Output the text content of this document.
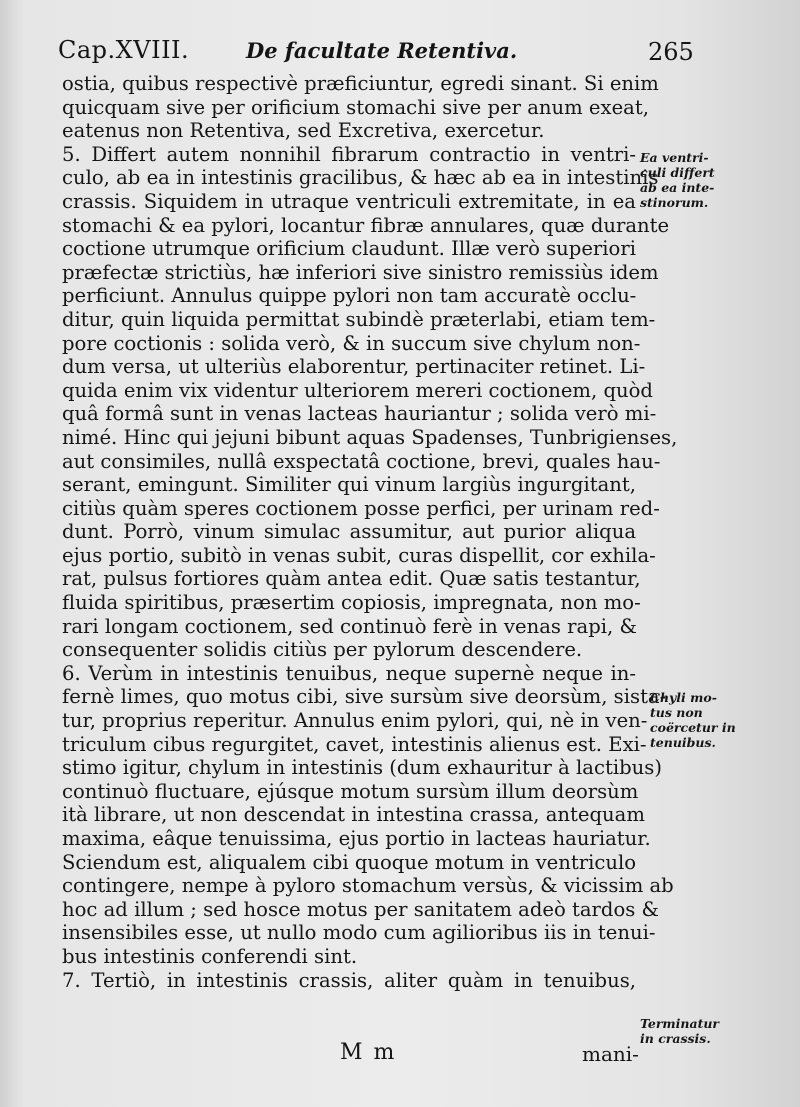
Cap.XVIII.	De facultate Retentiva.	265
ostia, quibus respectivè præficiuntur, egredi sinant. Si enim
quicquam sive per orificium stomachi sive per anum exeat,
eatenus non Retentiva, sed Excretiva, exercetur.
5. Differt autem nonnihil fibrarum contractio in ventri-
culo, ab ea in intestinis gracilibus, & hæc ab ea in intestinis
crassis. Siquidem in utraque ventriculi extremitate, in ea
stomachi & ea pylori, locantur fibræ annulares, quæ durante
coctione utrumque orificium claudunt. Illæ verò superiori
præfectæ strictiùs, hæ inferiori sive sinistro remissiùs idem
perficiunt. Annulus quippe pylori non tam accuratè occlu-
ditur, quin liquida permittat subindè præterlabi, etiam tem-
pore coctionis : solida verò, & in succum sive chylum non-
dum versa, ut ulteriùs elaborentur, pertinaciter retinet. Li-
quida enim vix videntur ulteriorem mereri coctionem, quòd
quâ formâ sunt in venas lacteas hauriantur ; solida verò mi-
nimé. Hinc qui jejuni bibunt aquas Spadenses, Tunbrigienses,
aut consimiles, nullâ exspectatâ coctione, brevi, quales hau-
serant, emingunt. Similiter qui vinum largiùs ingurgitant,
citiùs quàm speres coctionem posse perfici, per urinam red-
dunt. Porrò, vinum simulac assumitur, aut purior aliqua
ejus portio, subitò in venas subit, curas dispellit, cor exhila-
rat, pulsus fortiores quàm antea edit. Quæ satis testantur,
fluida spiritibus, præsertim copiosis, impregnata, non mo-
rari longam coctionem, sed continuò ferè in venas rapi, &
consequenter solidis citiùs per pylorum descendere.
6. Verùm in intestinis tenuibus, neque supernè neque in-
fernè limes, quo motus cibi, sive sursùm sive deorsùm, sista-
tur, proprius reperitur. Annulus enim pylori, qui, nè in ven-
triculum cibus regurgitet, cavet, intestinis alienus est. Exi-
stimo igitur, chylum in intestinis (dum exhauritur à lactibus)
continuò fluctuare, ejúsque motum sursùm illum deorsùm
ità librare, ut non descendat in intestina crassa, antequam
maxima, eâque tenuissima, ejus portio in lacteas hauriatur.
Sciendum est, aliqualem cibi quoque motum in ventriculo
contingere, nempe à pyloro stomachum versùs, & vicissim ab
hoc ad illum ; sed hosce motus per sanitatem adeò tardos &
insensibiles esse, ut nullo modo cum agilioribus iis in tenui-
bus intestinis conferendi sint.
7. Tertiò, in intestinis crassis, aliter quàm in tenuibus,
Ea ventri-
culi differt
ab ea inte-
stinorum.
Chyli mo-
tus non
coërcetur in
tenuibus.
Terminatur
in crassis.
M m	mani-
